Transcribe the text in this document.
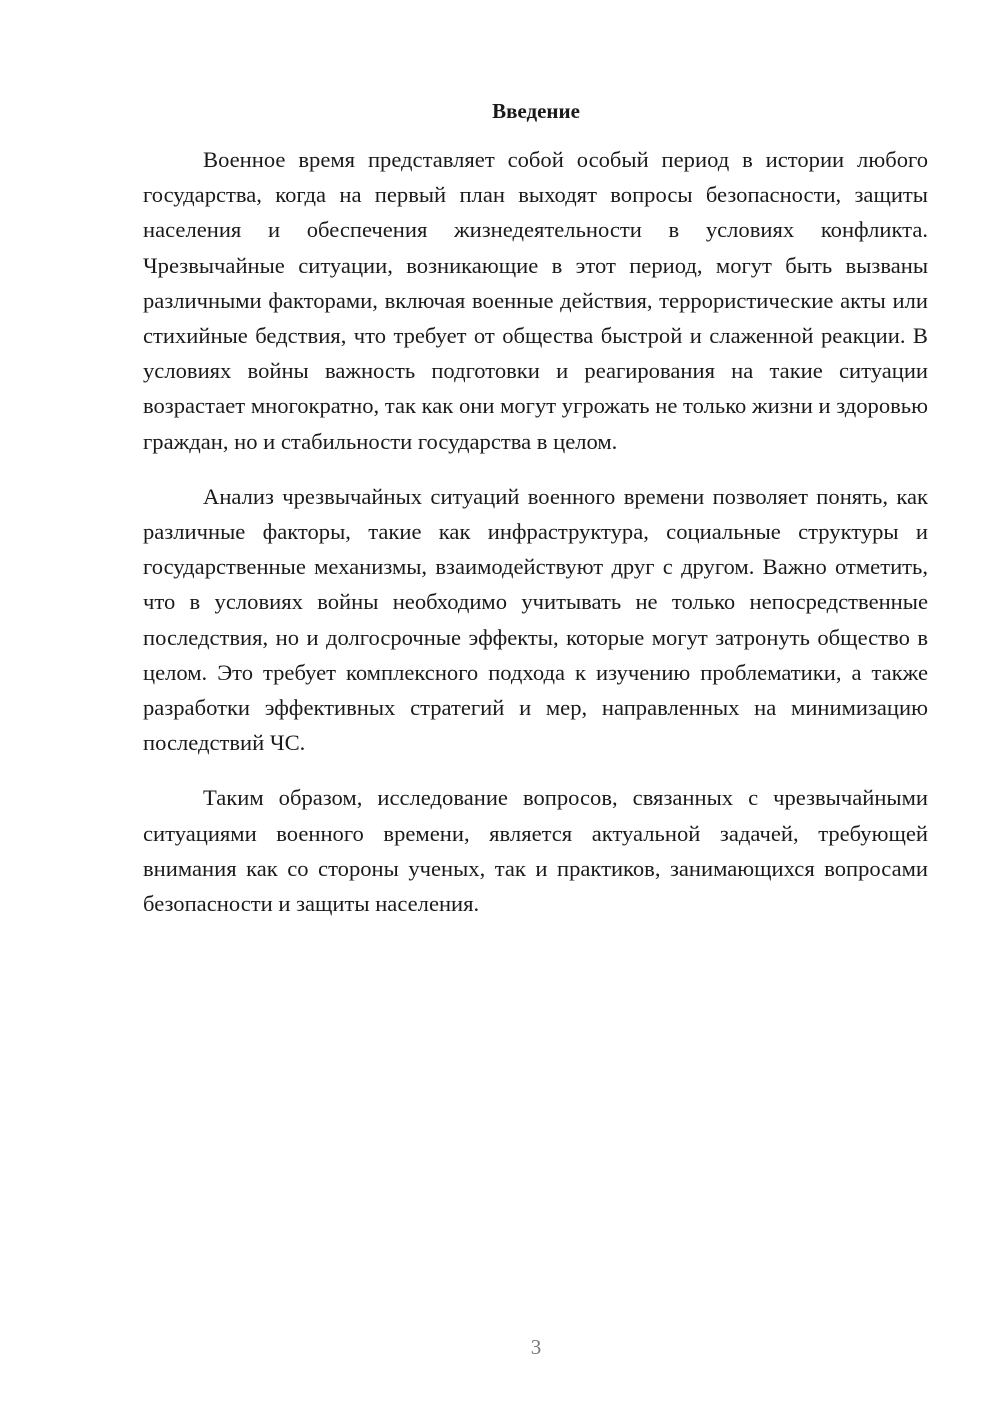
Введение

Военное время представляет собой особый период в истории любого государства, когда на первый план выходят вопросы безопасности, защиты населения и обеспечения жизнедеятельности в условиях конфликта. Чрезвычайные ситуации, возникающие в этот период, могут быть вызваны различными факторами, включая военные действия, террористические акты или стихийные бедствия, что требует от общества быстрой и слаженной реакции. В условиях войны важность подготовки и реагирования на такие ситуации возрастает многократно, так как они могут угрожать не только жизни и здоровью граждан, но и стабильности государства в целом.

Анализ чрезвычайных ситуаций военного времени позволяет понять, как различные факторы, такие как инфраструктура, социальные структуры и государственные механизмы, взаимодействуют друг с другом. Важно отметить, что в условиях войны необходимо учитывать не только непосредственные последствия, но и долгосрочные эффекты, которые могут затронуть общество в целом. Это требует комплексного подхода к изучению проблематики, а также разработки эффективных стратегий и мер, направленных на минимизацию последствий ЧС.

Таким образом, исследование вопросов, связанных с чрезвычайными ситуациями военного времени, является актуальной задачей, требующей внимания как со стороны ученых, так и практиков, занимающихся вопросами безопасности и защиты населения.

3
